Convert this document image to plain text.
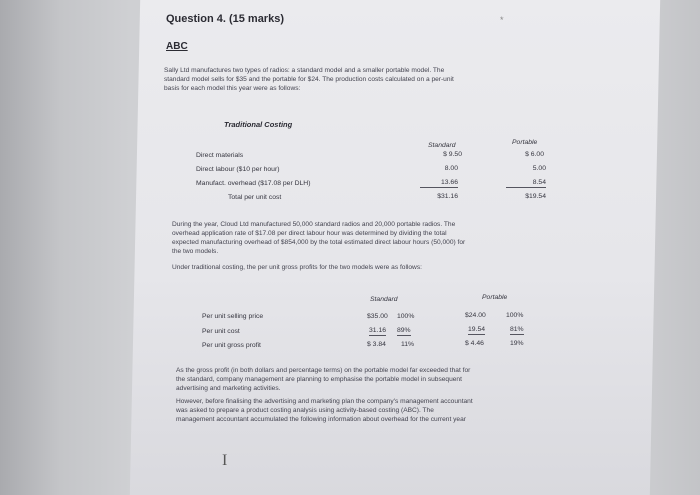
Question 4. (15 marks)	*
ABC
Sally Ltd manufactures two types of radios: a standard model and a smaller portable model. The
standard model sells for $35 and the portable for $24. The production costs calculated on a per-unit
basis for each model this year were as follows:
Traditional Costing
Standard	Portable
Direct materials	$ 9.50	$ 6.00
Direct labour ($10 per hour)	8.00	5.00
Manufact. overhead ($17.08 per DLH)	13.66	8.54
Total per unit cost	$31.16	$19.54
During the year, Cloud Ltd manufactured 50,000 standard radios and 20,000 portable radios. The
overhead application rate of $17.08 per direct labour hour was determined by dividing the total
expected manufacturing overhead of $854,000 by the total estimated direct labour hours (50,000) for
the two models.
Under traditional costing, the per unit gross profits for the two models were as follows:
Standard	Portable
Per unit selling price	$35.00 100%	$24.00	100%
Per unit cost	31.16 89%	19.54	81%
Per unit gross profit	$ 3.84 11%	$ 4.46	19%
As the gross profit (in both dollars and percentage terms) on the portable model far exceeded that for
the standard, company management are planning to emphasise the portable model in subsequent
advertising and marketing activities.
However, before finalising the advertising and marketing plan the company's management accountant
was asked to prepare a product costing analysis using activity-based costing (ABC). The
management accountant accumulated the following information about overhead for the current year
I
